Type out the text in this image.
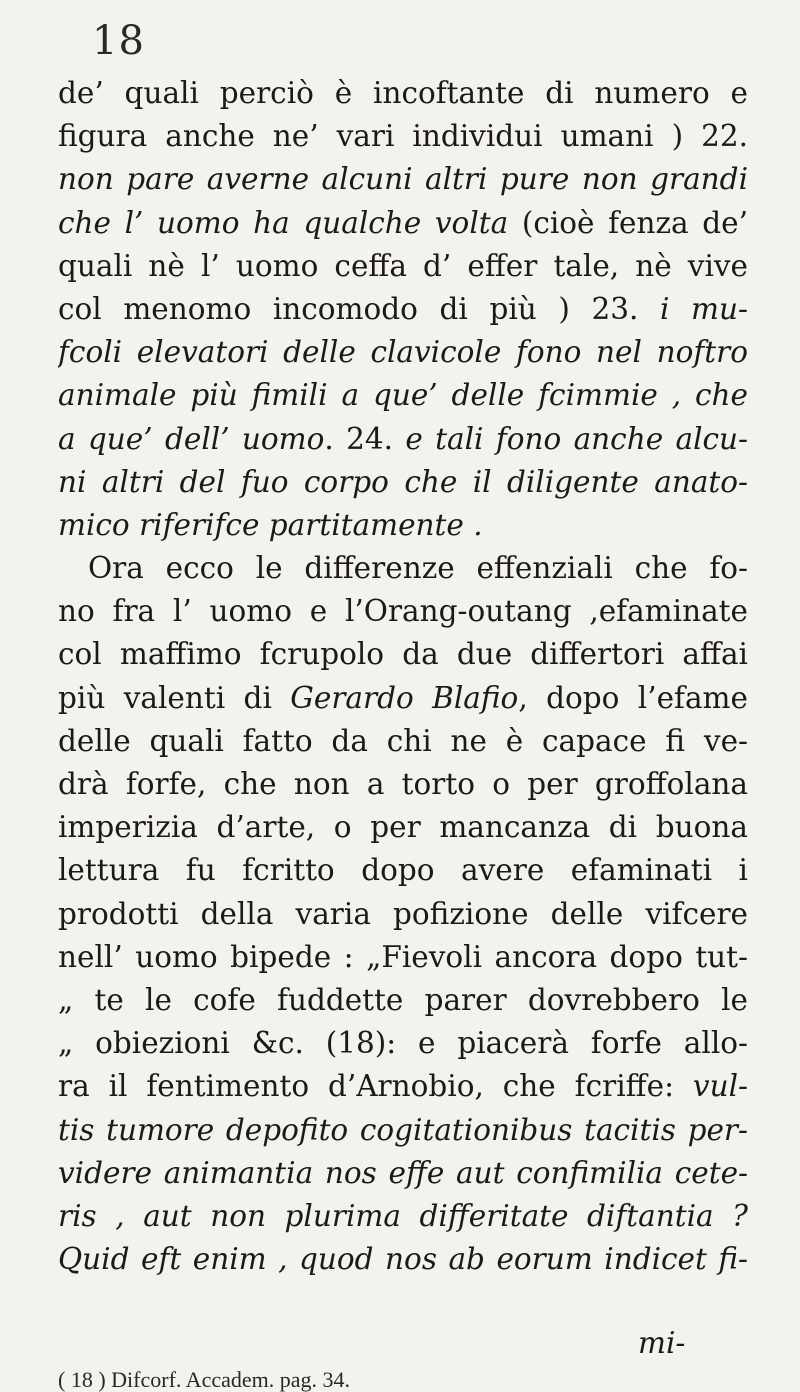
18
de’ quali perciò è incoftante di numero e
figura anche ne’ vari individui umani ) 22.
non pare averne alcuni altri pure non grandi
che l’ uomo ha qualche volta (cioè fenza de’
quali nè l’ uomo ceffa d’ effer tale, nè vive
col menomo incomodo di più ) 23. i mu-
fcoli elevatori delle clavicole fono nel noftro
animale più fimili a que’ delle fcimmie , che
a que’ dell’ uomo. 24. e tali fono anche alcu-
ni altri del fuo corpo che il diligente anato-
mico riferifce partitamente .
Ora ecco le differenze effenziali che fo-
no fra l’ uomo e l’Orang-outang ,efaminate
col maffimo fcrupolo da due differtori affai
più valenti di Gerardo Blafio, dopo l’efame
delle quali fatto da chi ne è capace fi ve-
drà forfe, che non a torto o per groffolana
imperizia d’arte, o per mancanza di buona
lettura fu fcritto dopo avere efaminati i
prodotti della varia pofizione delle vifcere
nell’ uomo bipede : „Fievoli ancora dopo tut-
„ te le cofe fuddette parer dovrebbero le
„ obiezioni &c. (18): e piacerà forfe allo-
ra il fentimento d’Arnobio, che fcriffe: vul-
tis tumore depofito cogitationibus tacitis per-
videre animantia nos effe aut confimilia cete-
ris , aut non plurima differitate diftantia ?
Quid eft enim , quod nos ab eorum indicet fi-
mi-
( 18 ) Difcorf. Accadem. pag. 34.
